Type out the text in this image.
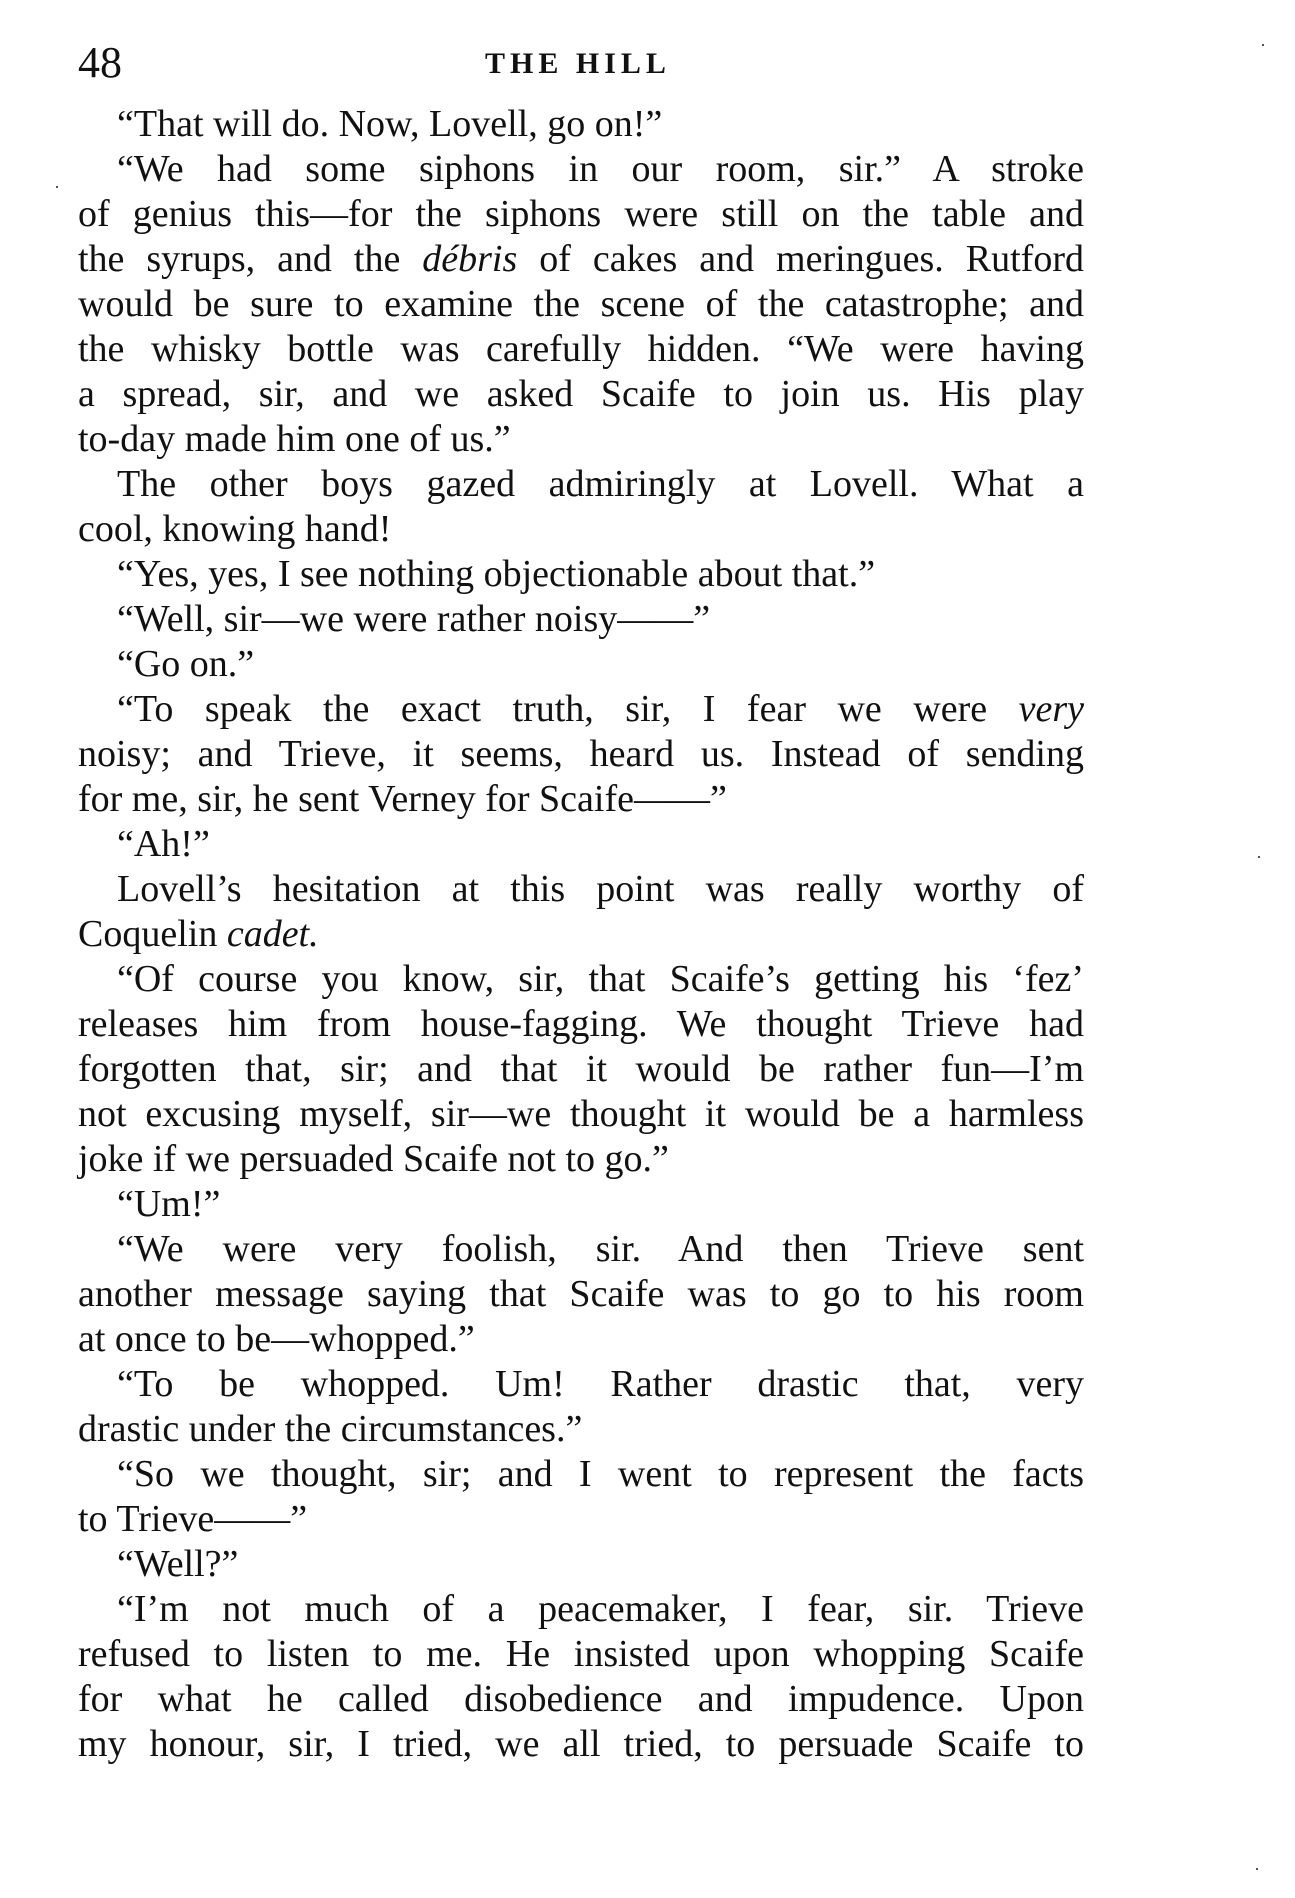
48	THE HILL
“That will do. Now, Lovell, go on!”
“We had some siphons in our room, sir.” A stroke
of genius this—for the siphons were still on the table and
the syrups, and the débris of cakes and meringues. Rutford
would be sure to examine the scene of the catastrophe; and
the whisky bottle was carefully hidden. “We were having
a spread, sir, and we asked Scaife to join us. His play
to-day made him one of us.”
The other boys gazed admiringly at Lovell. What a
cool, knowing hand!
“Yes, yes, I see nothing objectionable about that.”
“Well, sir—we were rather noisy——”
“Go on.”
“To speak the exact truth, sir, I fear we were very
noisy; and Trieve, it seems, heard us. Instead of sending
for me, sir, he sent Verney for Scaife——”
“Ah!”
Lovell’s hesitation at this point was really worthy of
Coquelin cadet.
“Of course you know, sir, that Scaife’s getting his ‘fez’
releases him from house-fagging. We thought Trieve had
forgotten that, sir; and that it would be rather fun—I’m
not excusing myself, sir—we thought it would be a harmless
joke if we persuaded Scaife not to go.”
“Um!”
“We were very foolish, sir. And then Trieve sent
another message saying that Scaife was to go to his room
at once to be—whopped.”
“To be whopped. Um! Rather drastic that, very
drastic under the circumstances.”
“So we thought, sir; and I went to represent the facts
to Trieve——”
“Well?”
“I’m not much of a peacemaker, I fear, sir. Trieve
refused to listen to me. He insisted upon whopping Scaife
for what he called disobedience and impudence. Upon
my honour, sir, I tried, we all tried, to persuade Scaife to
